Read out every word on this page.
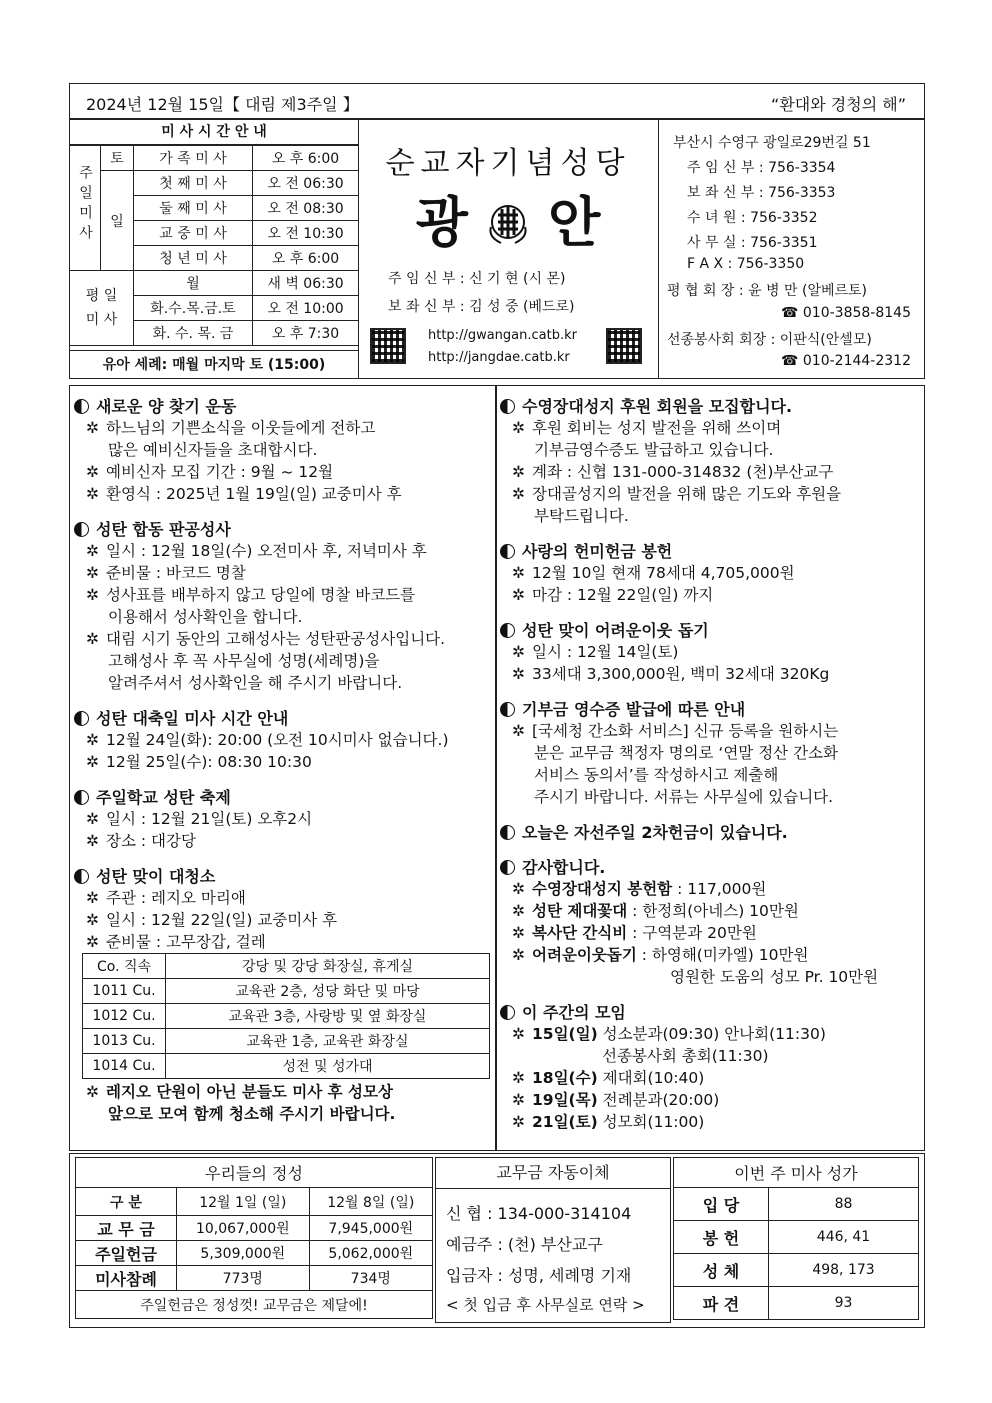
2024년 12월 15일【 대림 제3주일 】	“환대와 경청의 해”
미 사 시 간 안 내
주일미사	토	가 족 미 사	오 후 6:00
	일	첫 째 미 사	오 전 06:30
		둘 째 미 사	오 전 08:30
		교 중 미 사	오 전 10:30
		청 년 미 사	오 후 6:00
평 일 미 사		월	새 벽 06:30
		화.수.목.금.토	오 전 10:00
		화. 수. 목. 금	오 후 7:30
유아 세례: 매월 마지막 토 (15:00)
순교자기념성당
광 안
주 임 신 부 : 신 기 현 (시 몬)
보 좌 신 부 : 김 성 중 (베드로)
http://gwangan.catb.kr
http://jangdae.catb.kr
부산시 수영구 광일로29번길 51
주 임 신 부 : 756-3354
보 좌 신 부 : 756-3353
수 녀 원 : 756-3352
사 무 실 : 756-3351
F A X : 756-3350
평 협 회 장 : 윤 병 만 (알베르토)
☎ 010-3858-8145
선종봉사회 회장 : 이판식(안셀모)
☎ 010-2144-2312
새로운 양 찾기 운동
✲ 하느님의 기쁜소식을 이웃들에게 전하고
많은 예비신자들을 초대합시다.
✲ 예비신자 모집 기간 : 9월 ~ 12월
✲ 환영식 : 2025년 1월 19일(일) 교중미사 후
성탄 합동 판공성사
✲ 일시 : 12월 18일(수) 오전미사 후, 저녁미사 후
✲ 준비물 : 바코드 명찰
✲ 성사표를 배부하지 않고 당일에 명찰 바코드를
이용해서 성사확인을 합니다.
✲ 대림 시기 동안의 고해성사는 성탄판공성사입니다.
고해성사 후 꼭 사무실에 성명(세례명)을
알려주셔서 성사확인을 해 주시기 바랍니다.
성탄 대축일 미사 시간 안내
✲ 12월 24일(화): 20:00 (오전 10시미사 없습니다.)
✲ 12월 25일(수): 08:30 10:30
주일학교 성탄 축제
✲ 일시 : 12월 21일(토) 오후2시
✲ 장소 : 대강당
성탄 맞이 대청소
✲ 주관 : 레지오 마리애
✲ 일시 : 12월 22일(일) 교중미사 후
✲ 준비물 : 고무장갑, 걸레
Co. 직속	강당 및 강당 화장실, 휴게실
1011 Cu.	교육관 2층, 성당 화단 및 마당
1012 Cu.	교육관 3층, 사랑방 및 옆 화장실
1013 Cu.	교육관 1층, 교육관 화장실
1014 Cu.	성전 및 성가대
✲ 레지오 단원이 아닌 분들도 미사 후 성모상
앞으로 모여 함께 청소해 주시기 바랍니다.
수영장대성지 후원 회원을 모집합니다.
✲ 후원 회비는 성지 발전을 위해 쓰이며
기부금영수증도 발급하고 있습니다.
✲ 계좌 : 신협 131-000-314832 (천)부산교구
✲ 장대골성지의 발전을 위해 많은 기도와 후원을
부탁드립니다.
사랑의 헌미헌금 봉헌
✲ 12월 10일 현재 78세대 4,705,000원
✲ 마감 : 12월 22일(일) 까지
성탄 맞이 어려운이웃 돕기
✲ 일시 : 12월 14일(토)
✲ 33세대 3,300,000원, 백미 32세대 320Kg
기부금 영수증 발급에 따른 안내
✲ [국세청 간소화 서비스] 신규 등록을 원하시는
분은 교무금 책정자 명의로 ‘연말 정산 간소화
서비스 동의서’를 작성하시고 제출해
주시기 바랍니다. 서류는 사무실에 있습니다.
오늘은 자선주일 2차헌금이 있습니다.
감사합니다.
✲ 수영장대성지 봉헌함 : 117,000원
✲ 성탄 제대꽃대 : 한정희(아네스) 10만원
✲ 복사단 간식비 : 구역분과 20만원
✲ 어려운이웃돕기 : 하영해(미카엘) 10만원
영원한 도움의 성모 Pr. 10만원
이 주간의 모임
✲ 15일(일) 성소분과(09:30) 안나회(11:30)
선종봉사회 총회(11:30)
✲ 18일(수) 제대회(10:40)
✲ 19일(목) 전례분과(20:00)
✲ 21일(토) 성모회(11:00)
우리들의 정성		
구 분	12월 1일 (일)	12월 8일 (일)
교 무 금	10,067,000원	7,945,000원
주일헌금	5,309,000원	5,062,000원
미사참례	773명	734명
주일헌금은 정성껏! 교무금은 제달에!		
교무금 자동이체
신 협 : 134-000-314104
예금주 : (천) 부산교구
입금자 : 성명, 세례명 기재
< 첫 입금 후 사무실로 연락 >
이번 주 미사 성가	
입 당	88
봉 헌	446, 41
성 체	498, 173
파 견	93
